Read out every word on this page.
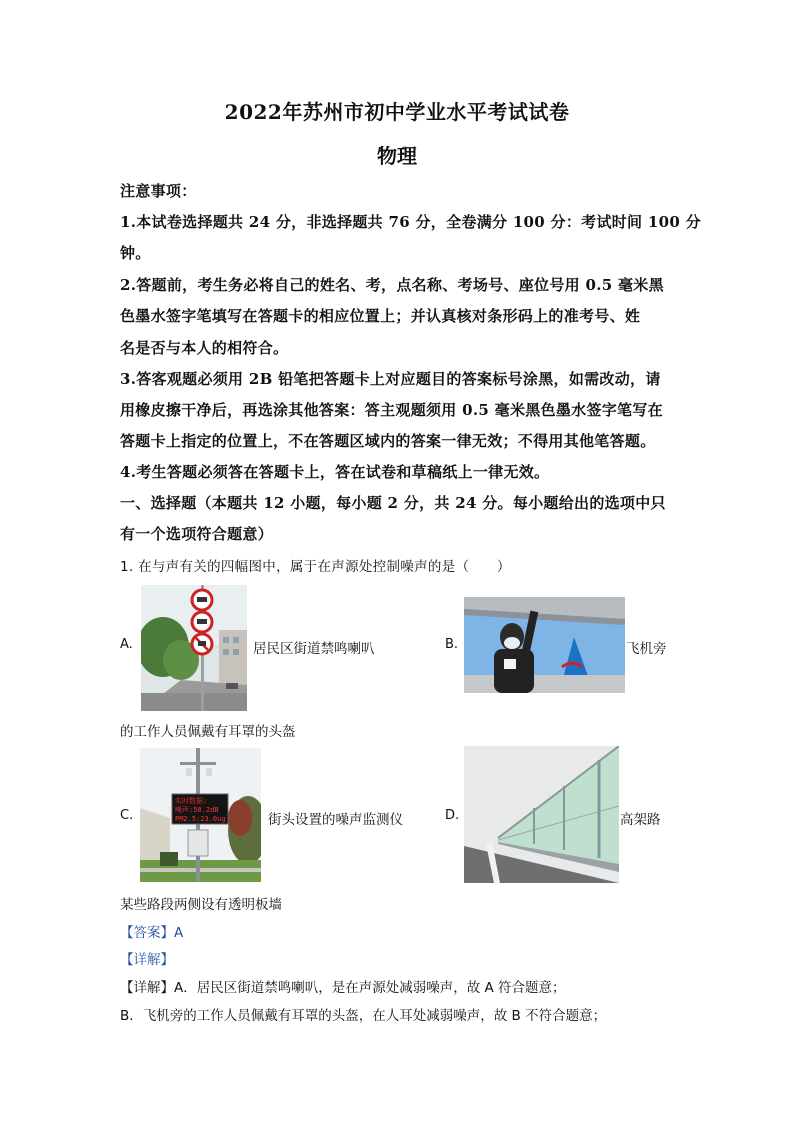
2022年苏州市初中学业水平考试试卷
物理
注意事项：
1.本试卷选择题共 24 分，非选择题共 76 分，全卷满分 100 分：考试时间 100 分
钟。
2.答题前，考生务必将自己的姓名、考，点名称、考场号、座位号用 0.5 毫米黑
色墨水签字笔填写在答题卡的相应位置上；并认真核对条形码上的准考号、姓
名是否与本人的相符合。
3.答客观题必须用 2B 铅笔把答题卡上对应题目的答案标号涂黑，如需改动，请
用橡皮擦干净后，再选涂其他答案：答主观题须用 0.5 毫米黑色墨水签字笔写在
答题卡上指定的位置上，不在答题区域内的答案一律无效；不得用其他笔答题。
4.考生答题必须答在答题卡上，答在试卷和草稿纸上一律无效。
一、选择题（本题共 12 小题，每小题 2 分，共 24 分。每小题给出的选项中只
有一个选项符合题意）
1. 在与声有关的四幅图中，属于在声源处控制噪声的是（　　）
A.	居民区街道禁鸣喇叭	B.	飞机旁
的工作人员佩戴有耳罩的头盔
C.
实时数据:
噪声:58.2dB
PM2.5:23.0ug	街头设置的噪声监测仪	D.	高架路
某些路段两侧设有透明板墙
【答案】A
【详解】
【详解】A．居民区街道禁鸣喇叭，是在声源处减弱噪声，故 A 符合题意；
B．飞机旁的工作人员佩戴有耳罩的头盔，在人耳处减弱噪声，故 B 不符合题意；
